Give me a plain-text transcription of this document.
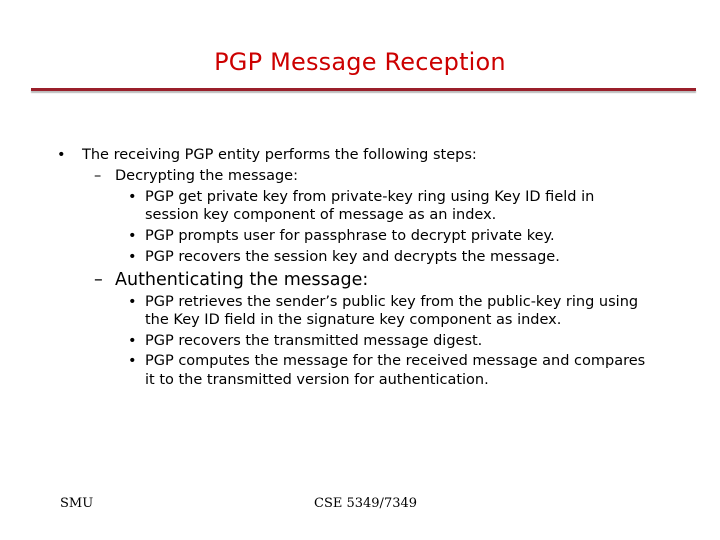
PGP Message Reception
• The receiving PGP entity performs the following steps:
– Decrypting the message:
• PGP get private key from private-key ring using Key ID field in
session key component of message as an index.
• PGP prompts user for passphrase to decrypt private key.
• PGP recovers the session key and decrypts the message.
– Authenticating the message:
• PGP retrieves the sender’s public key from the public-key ring using
the Key ID field in the signature key component as index.
• PGP recovers the transmitted message digest.
• PGP computes the message for the received message and compares
it to the transmitted version for authentication.
SMU	CSE 5349/7349
